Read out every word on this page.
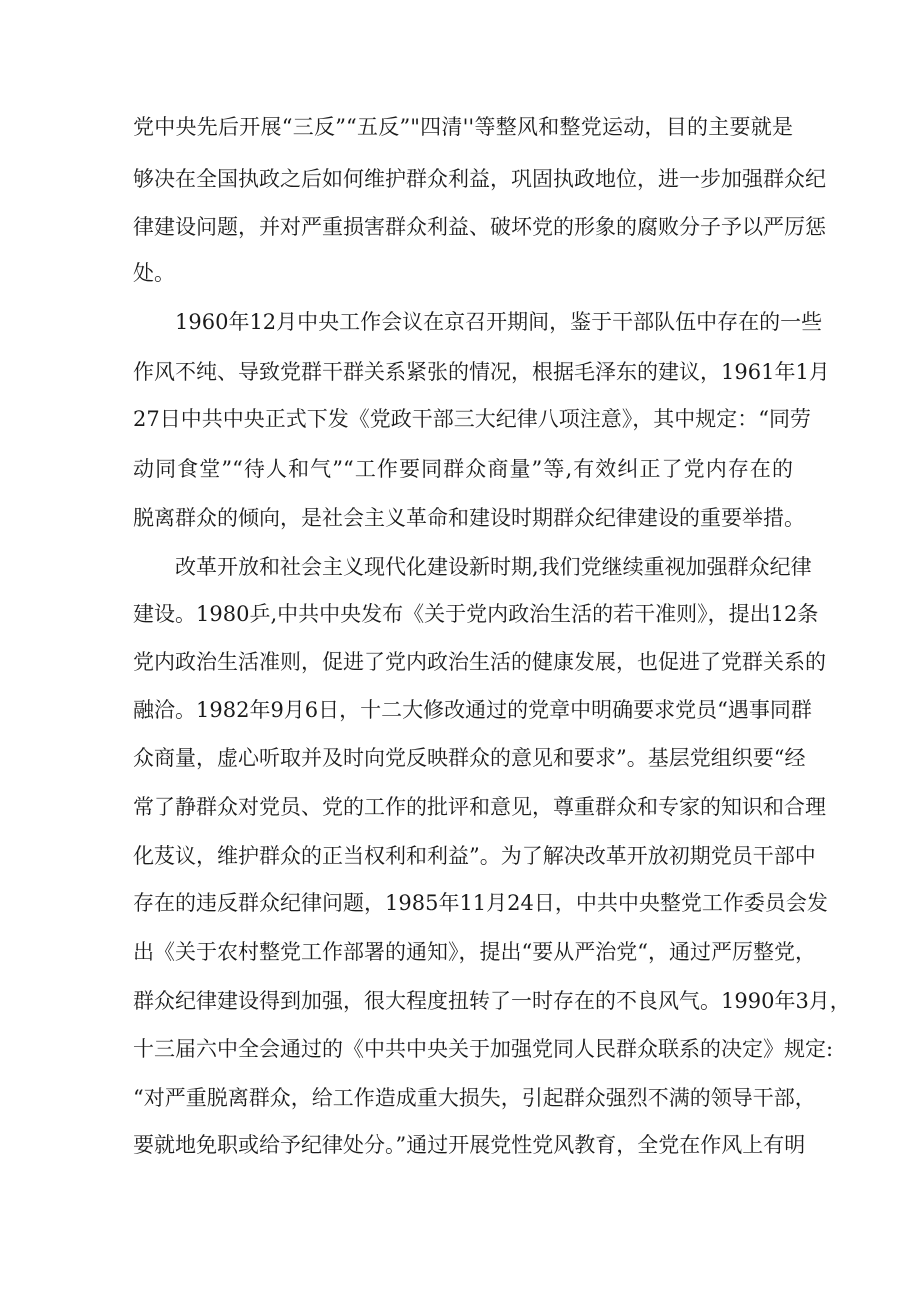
党中央先后开展“三反”“五反”"四清''等整风和整党运动，目的主要就是
够决在全国执政之后如何维护群众利益，巩固执政地位，进一步加强群众纪
律建设问题，并对严重损害群众利益、破坏党的形象的腐败分子予以严厉惩
处。
1960年12月中央工作会议在京召开期间，鉴于干部队伍中存在的一些
作风不纯、导致党群干群关系紧张的情况，根据毛泽东的建议，1961年1月
27日中共中央正式下发《党政干部三大纪律八项注意》，其中规定：“同劳
动同食堂”“待人和气”“工作要同群众商量”等,有效纠正了党内存在的
脱离群众的倾向，是社会主义革命和建设时期群众纪律建设的重要举措。
改革开放和社会主义现代化建设新时期,我们党继续重视加强群众纪律
建设。1980乒,中共中央发布《关于党内政治生活的若干准则》，提出12条
党内政治生活准则，促进了党内政治生活的健康发展，也促进了党群关系的
融洽。1982年9月6日，十二大修改通过的党章中明确要求党员“遇事同群
众商量，虚心听取并及时向党反映群众的意见和要求”。基层党组织要“经
常了静群众对党员、党的工作的批评和意见，尊重群众和专家的知识和合理
化芨议，维护群众的正当权利和利益”。为了解决改革开放初期党员干部中
存在的违反群众纪律问题，1985年11月24日，中共中央整党工作委员会发
出《关于农村整党工作部署的通知》，提出“要从严治党“，通过严厉整党，
群众纪律建设得到加强，很大程度扭转了一时存在的不良风气。1990年3月，
十三届六中全会通过的《中共中央关于加强党同人民群众联系的决定》规定:
“对严重脱离群众，给工作造成重大损失，引起群众强烈不满的领导干部，
要就地免职或给予纪律处分。”通过开展党性党风教育，全党在作风上有明
